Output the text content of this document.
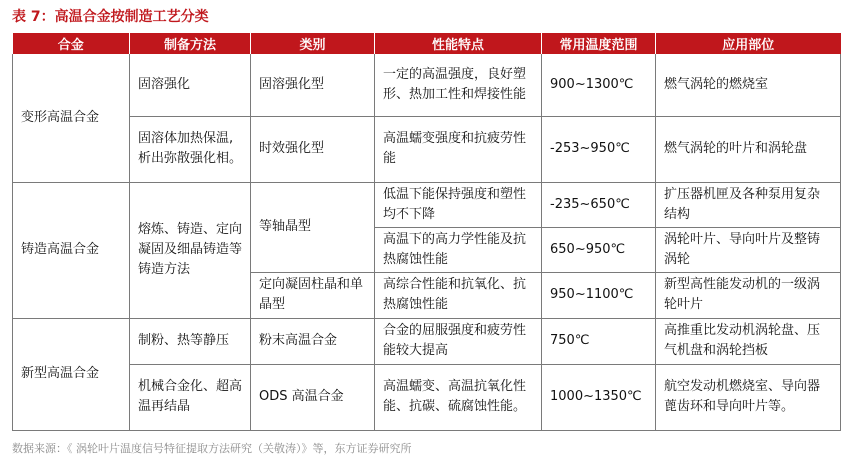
表 7：高温合金按制造工艺分类
合金	制备方法	类别	性能特点	常用温度范围	应用部位
变形高温合金	固溶强化	固溶强化型	一定的高温强度，良好塑形、热加工性和焊接性能	900~1300℃	燃气涡轮的燃烧室
	固溶体加热保温,析出弥散强化相。	时效强化型	高温蠕变强度和抗疲劳性能	-253~950℃	燃气涡轮的叶片和涡轮盘
铸造高温合金	熔炼、铸造、定向凝固及细晶铸造等铸造方法	等轴晶型	低温下能保持强度和塑性均不下降	-235~650℃	扩压器机匣及各种泵用复杂结构
			高温下的高力学性能及抗热腐蚀性能	650~950℃	涡轮叶片、导向叶片及整铸涡轮
		定向凝固柱晶和单晶型	高综合性能和抗氧化、抗热腐蚀性能	950~1100℃	新型高性能发动机的一级涡轮叶片
新型高温合金	制粉、热等静压	粉末高温合金	合金的屈服强度和疲劳性能较大提高	750℃	高推重比发动机涡轮盘、压气机盘和涡轮挡板
	机械合金化、超高温再结晶	ODS 高温合金	高温蠕变、高温抗氧化性能、抗碳、硫腐蚀性能。	1000~1350℃	航空发动机燃烧室、导向器蓖齿环和导向叶片等。
数据来源：《 涡轮叶片温度信号特征提取方法研究（关敬涛）》等，东方证券研究所
